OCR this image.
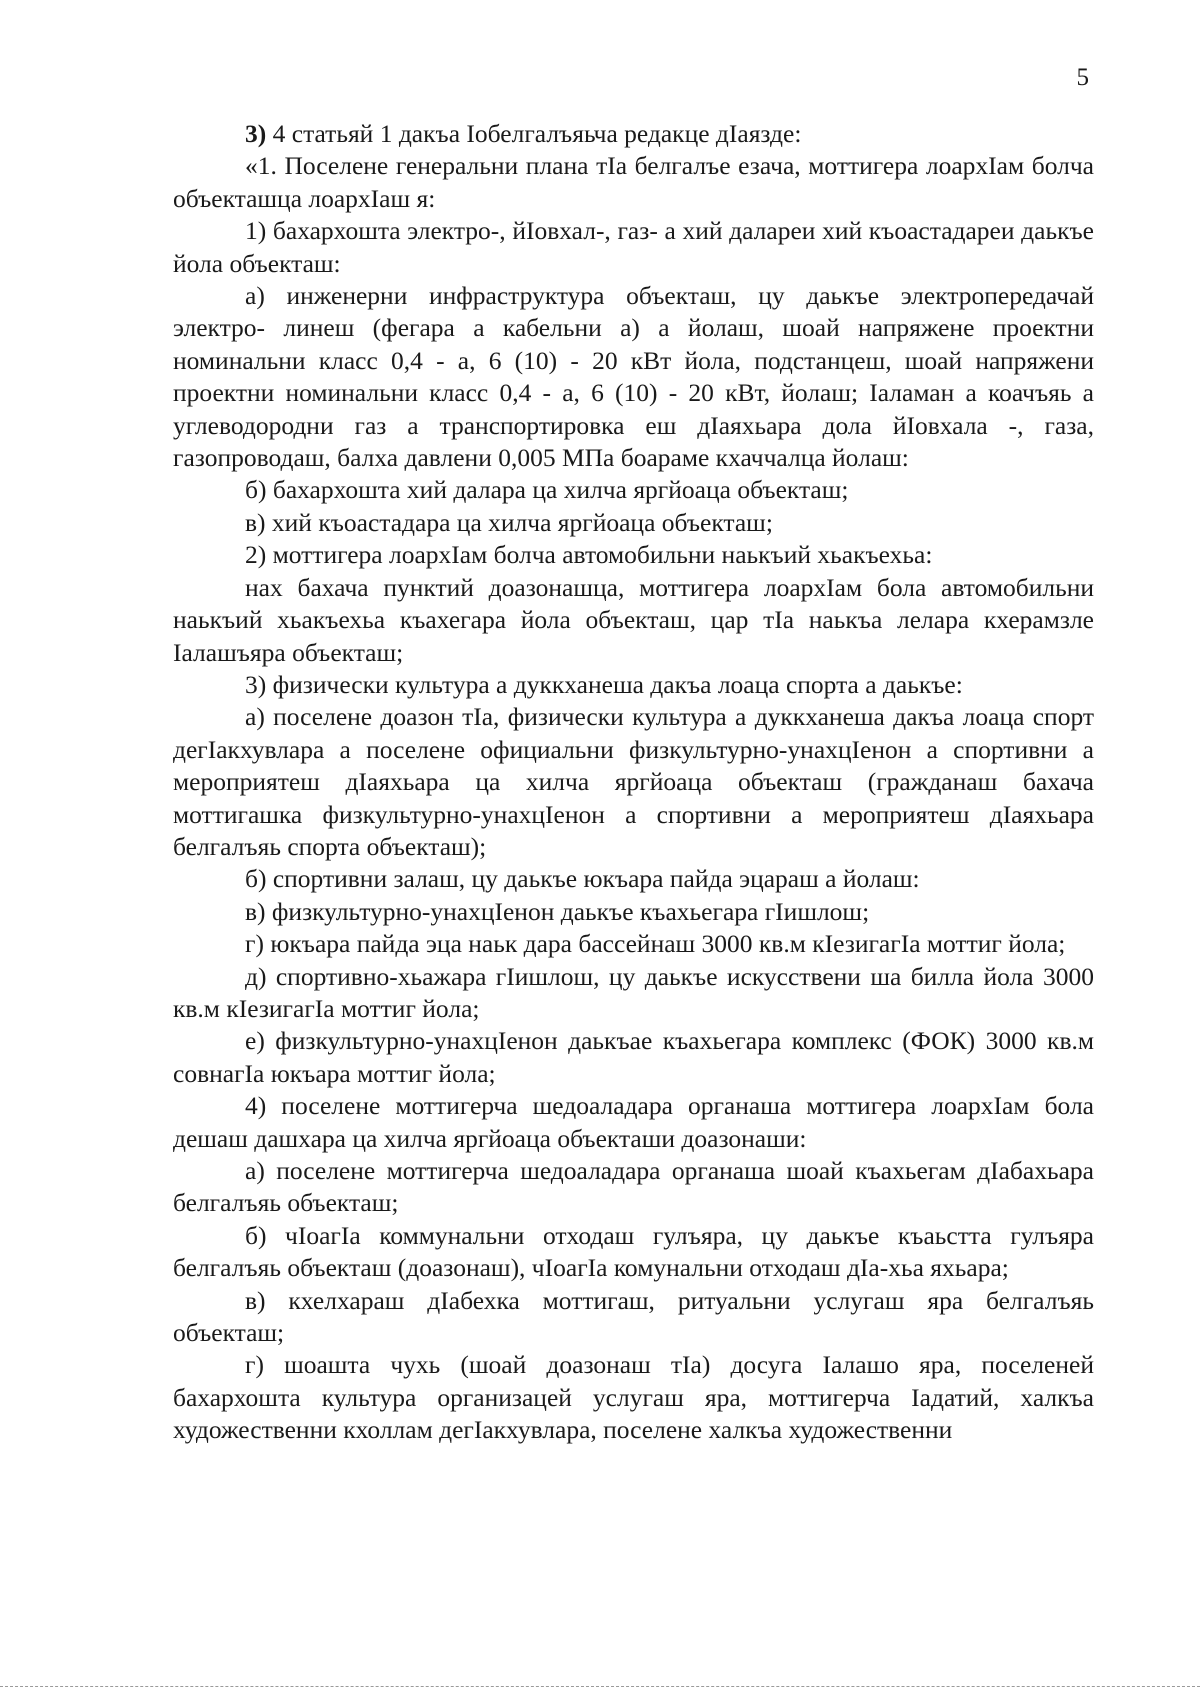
5

3) 4 статьяй 1 дакъа Іобелгалъяьча редакце дІаязде:

«1. Поселене генеральни плана тІа белгалъе езача, моттигера лоархІам болча объекташца лоархІаш я:

1) бахархошта электро-, йІовхал-, газ- а хий далареи хий къоастадареи даькъе йола объекташ:

а) инженерни инфраструктура объекташ, цу даькъе электропередачай электро- линеш (фегара а кабельни а) а йолаш, шоай напряжене проектни номинальни класс 0,4 - а, 6 (10) - 20 кВт йола, подстанцеш, шоай напряжени проектни номинальни класс 0,4 - а, 6 (10) - 20 кВт, йолаш; Іаламан а коачъяь а углеводородни газ а транспортировка еш дІаяхьара дола йІовхала -, газа, газопроводаш, балха давлени 0,005 МПа боараме кхаччалца йолаш:

б) бахархошта хий далара ца хилча яргйоаца объекташ;

в) хий къоастадара ца хилча яргйоаца объекташ;

2) моттигера лоархІам болча автомобильни наькъий хьакъехьа:

нах бахача пунктий доазонашца, моттигера лоархІам бола автомобильни наькъий хьакъехьа къахегара йола объекташ, цар тІа наькъа лелара кхерамзле Іалашъяра объекташ;

3) физически культура а дуккханеша дакъа лоаца спорта а даькъе:

а) поселене доазон тІа, физически культура а дуккханеша дакъа лоаца спорт дегІакхувлара а поселене официальни физкультурно-унахцІенон а спортивни а мероприятеш дІаяхьара ца хилча яргйоаца объекташ (гражданаш бахача моттигашка физкультурно-унахцІенон а спортивни а мероприятеш дІаяхьара белгалъяь спорта объекташ);

б) спортивни залаш, цу даькъе юкъара пайда эцараш а йолаш:

в) физкультурно-унахцІенон даькъе къахьегара гІишлош;

г) юкъара пайда эца наьк дара бассейнаш 3000 кв.м кІезигагІа моттиг йола;

д) спортивно-хьажара гІишлош, цу даькъе искусствени ша билла йола 3000 кв.м кІезигагІа моттиг йола;

е) физкультурно-унахцІенон даькъае къахьегара комплекс (ФОК) 3000 кв.м совнагІа юкъара моттиг йола;

4) поселене моттигерча шедоаладара органаша моттигера лоархІам бола дешаш дашхара ца хилча яргйоаца объекташи доазонаши:

а) поселене моттигерча шедоаладара органаша шоай къахьегам дІабахьара белгалъяь объекташ;

б) чІоагІа коммунальни отходаш гулъяра, цу даькъе къаьстта гулъяра белгалъяь объекташ (доазонаш), чІоагІа комунальни отходаш дІа-хьа яхьара;

в) кхелхараш дІабехка моттигаш, ритуальни услугаш яра белгалъяь объекташ;

г) шоашта чухь (шоай доазонаш тІа) досуга Іалашо яра, поселеней бахархошта культура организацей услугаш яра, моттигерча Іадатий, халкъа художественни кхоллам дегІакхувлара, поселене халкъа художественни
